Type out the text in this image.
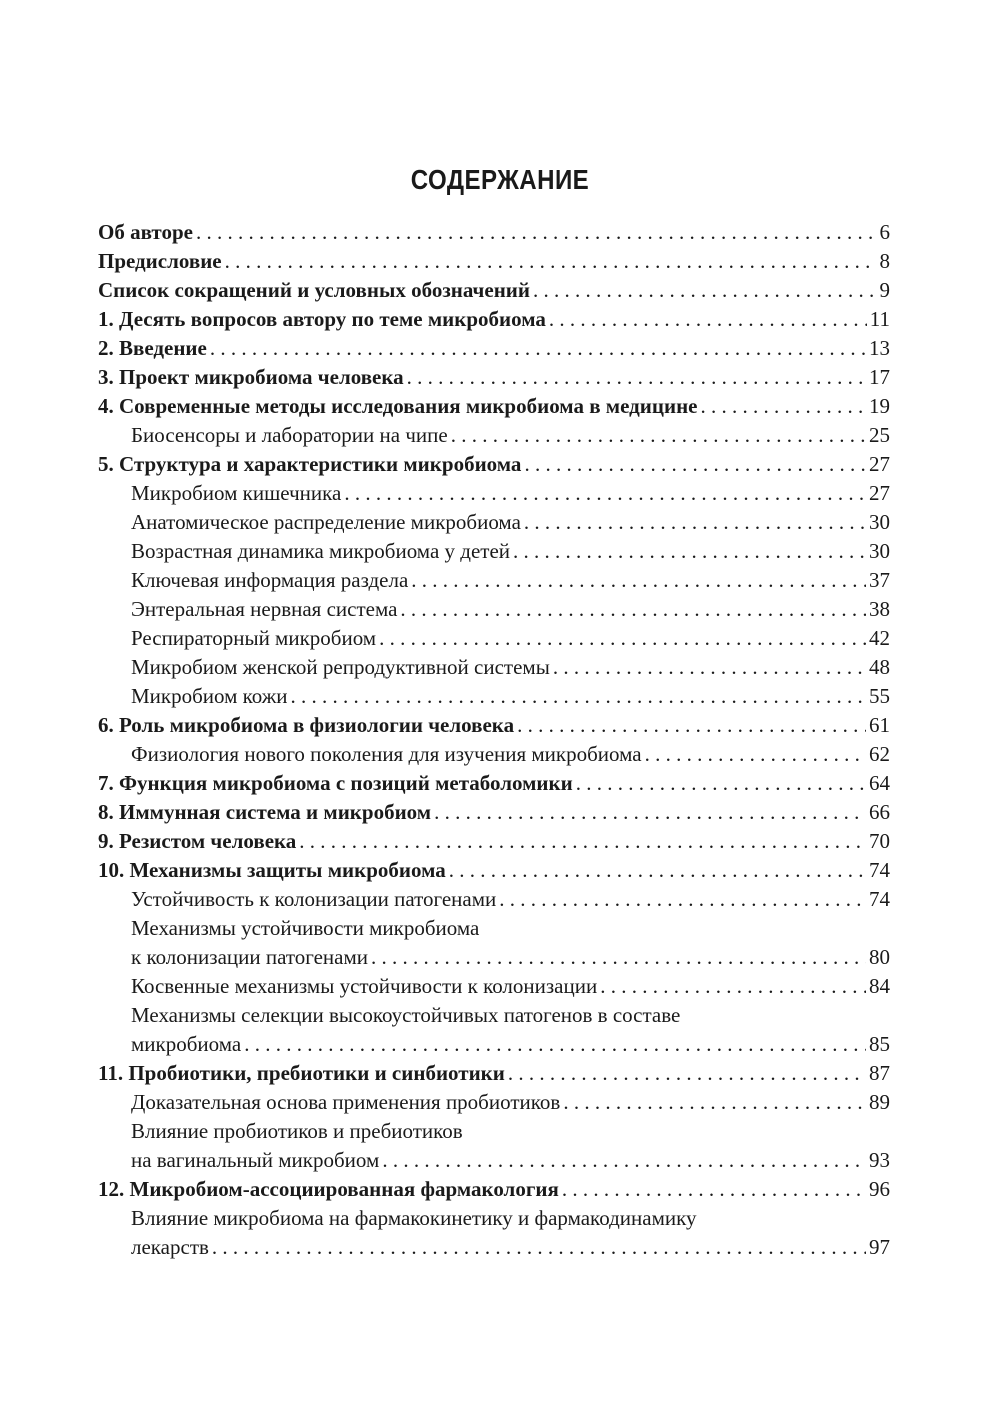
СОДЕРЖАНИЕ
Об авторе . . .	6
Предисловие . . .	8
Список сокращений и условных обозначений . . .	9
1. Десять вопросов автору по теме микробиома . . .	11
2. Введение . . .	13
3. Проект микробиома человека . . .	17
4. Современные методы исследования микробиома в медицине . . .	19
Биосенсоры и лаборатории на чипе . . .	25
5. Структура и характеристики микробиома . . .	27
Микробиом кишечника . . .	27
Анатомическое распределение микробиома . . .	30
Возрастная динамика микробиома у детей . . .	30
Ключевая информация раздела . . .	37
Энтеральная нервная система . . .	38
Респираторный микробиом . . .	42
Микробиом женской репродуктивной системы . . .	48
Микробиом кожи . . .	55
6. Роль микробиома в физиологии человека . . .	61
Физиология нового поколения для изучения микробиома . . .	62
7. Функция микробиома с позиций метаболомики . . .	64
8. Иммунная система и микробиом . . .	66
9. Резистом человека . . .	70
10. Механизмы защиты микробиома . . .	74
Устойчивость к колонизации патогенами . . .	74
Механизмы устойчивости микробиома
к колонизации патогенами . . .	80
Косвенные механизмы устойчивости к колонизации . . .	84
Механизмы селекции высокоустойчивых патогенов в составе
микробиома . . .	85
11. Пробиотики, пребиотики и синбиотики . . .	87
Доказательная основа применения пробиотиков . . .	89
Влияние пробиотиков и пребиотиков
на вагинальный микробиом . . .	93
12. Микробиом-ассоциированная фармакология . . .	96
Влияние микробиома на фармакокинетику и фармакодинамику
лекарств . . .	97
